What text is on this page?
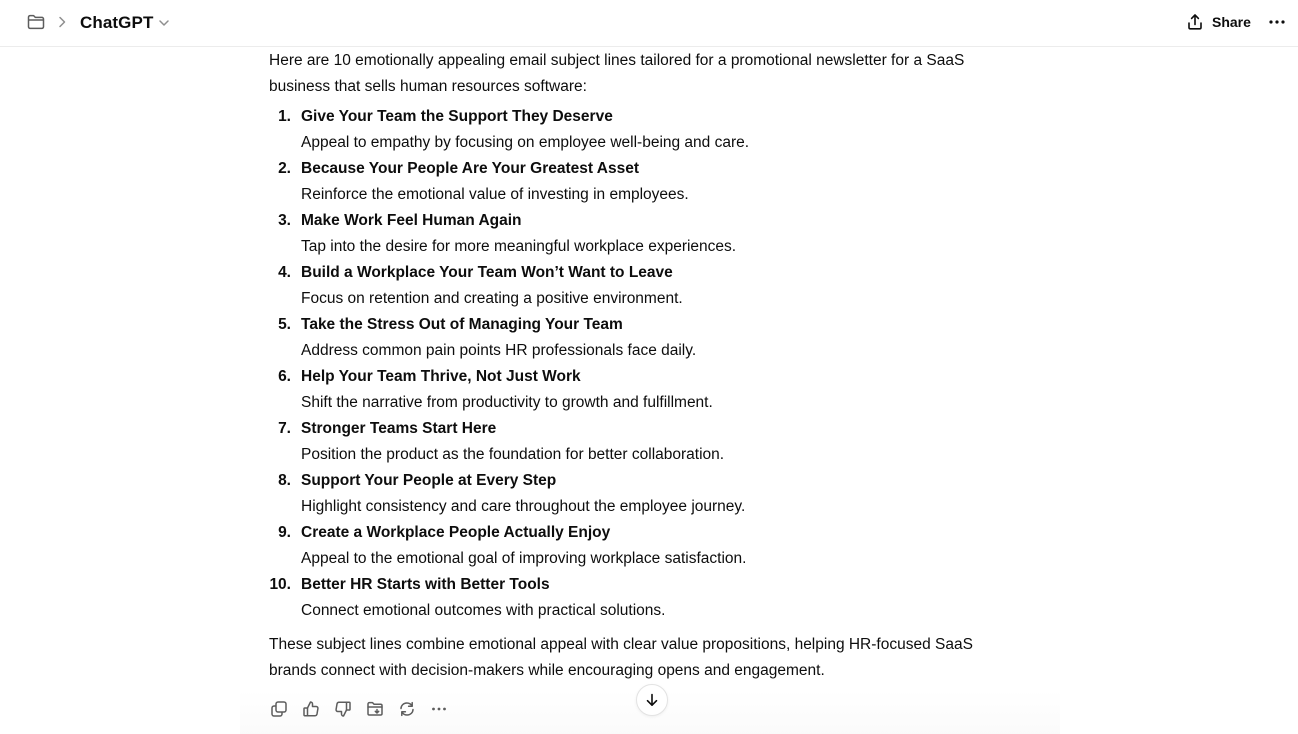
ChatGPT	Share

Here are 10 emotionally appealing email subject lines tailored for a promotional newsletter for a SaaS
business that sells human resources software:

1. Give Your Team the Support They Deserve
Appeal to empathy by focusing on employee well-being and care.
2. Because Your People Are Your Greatest Asset
Reinforce the emotional value of investing in employees.
3. Make Work Feel Human Again
Tap into the desire for more meaningful workplace experiences.
4. Build a Workplace Your Team Won’t Want to Leave
Focus on retention and creating a positive environment.
5. Take the Stress Out of Managing Your Team
Address common pain points HR professionals face daily.
6. Help Your Team Thrive, Not Just Work
Shift the narrative from productivity to growth and fulfillment.
7. Stronger Teams Start Here
Position the product as the foundation for better collaboration.
8. Support Your People at Every Step
Highlight consistency and care throughout the employee journey.
9. Create a Workplace People Actually Enjoy
Appeal to the emotional goal of improving workplace satisfaction.
10. Better HR Starts with Better Tools
Connect emotional outcomes with practical solutions.

These subject lines combine emotional appeal with clear value propositions, helping HR-focused SaaS
brands connect with decision-makers while encouraging opens and engagement.
